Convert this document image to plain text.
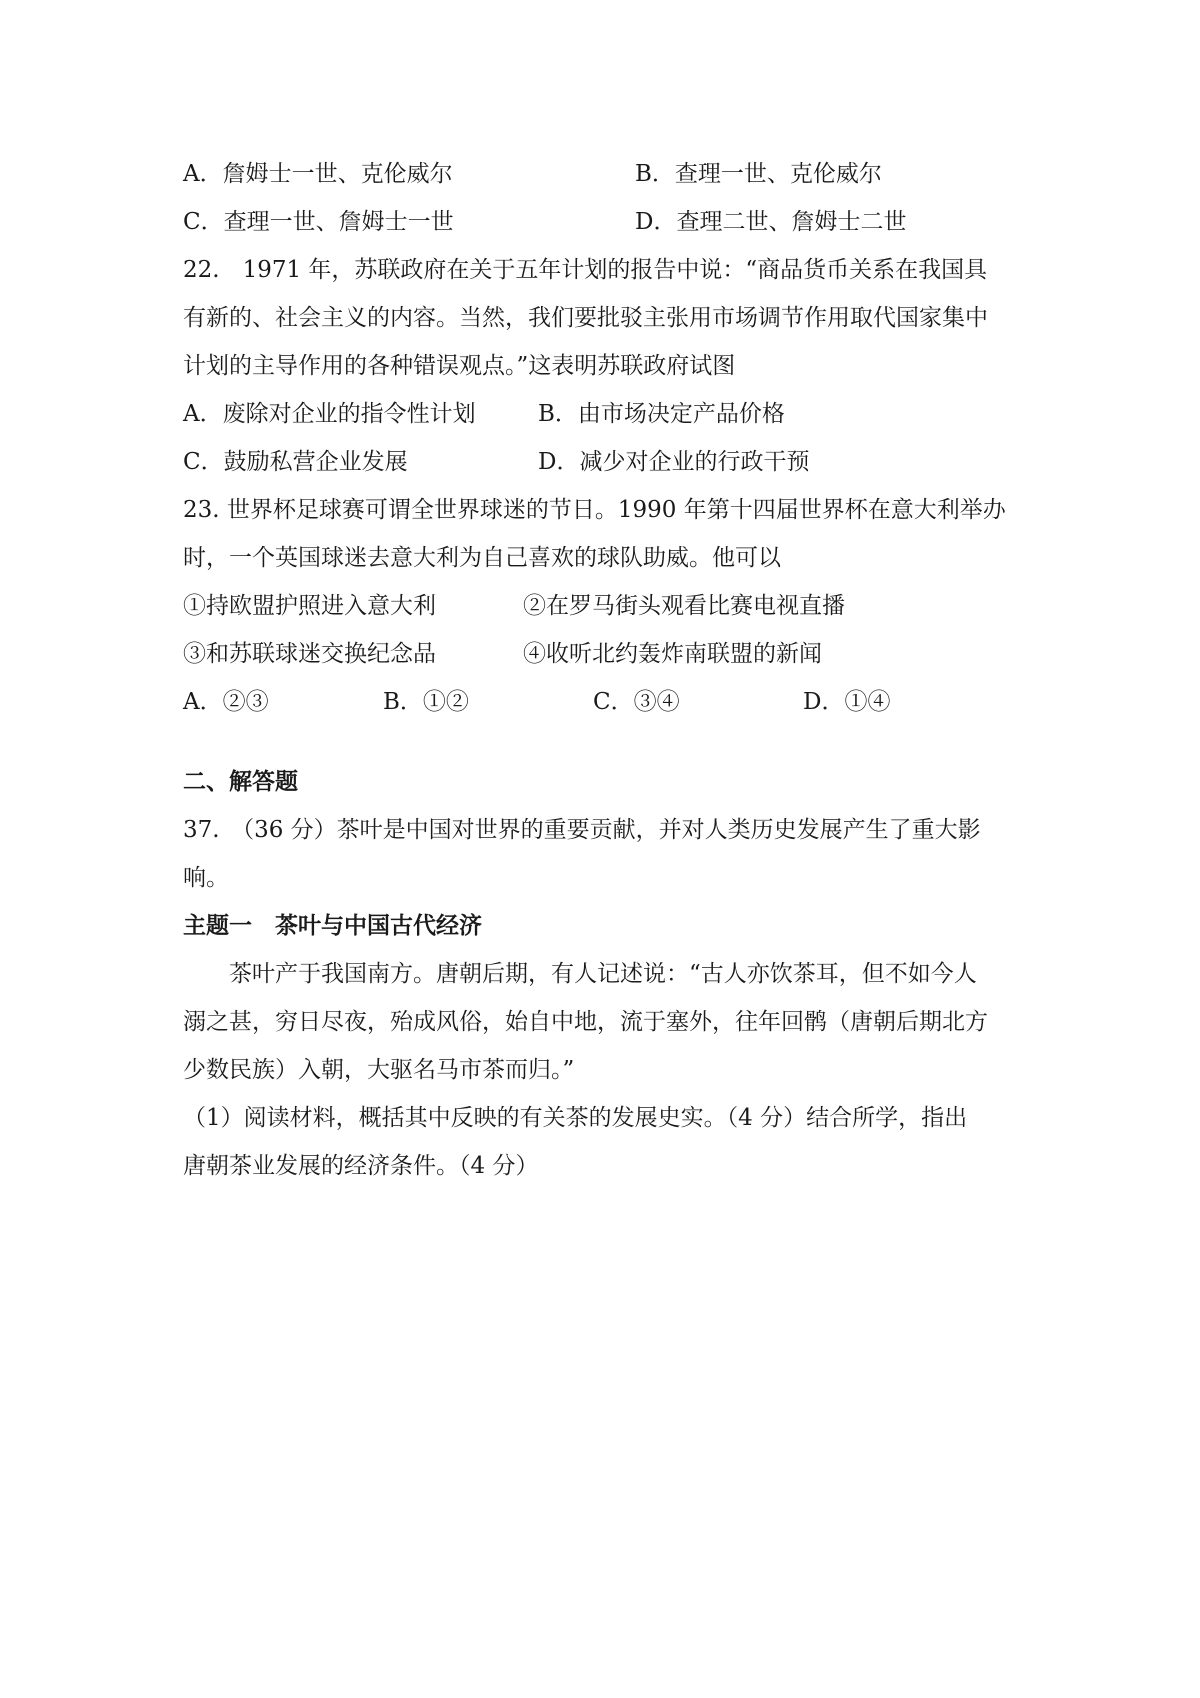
A．詹姆士一世、克伦威尔	B．查理一世、克伦威尔
C．查理一世、詹姆士一世	D．查理二世、詹姆士二世
22.　1971 年，苏联政府在关于五年计划的报告中说：“商品货币关系在我国具
有新的、社会主义的内容。当然，我们要批驳主张用市场调节作用取代国家集中
计划的主导作用的各种错误观点。”这表明苏联政府试图
A．废除对企业的指令性计划	B．由市场决定产品价格
C．鼓励私营企业发展	D．减少对企业的行政干预
23. 世界杯足球赛可谓全世界球迷的节日。1990 年第十四届世界杯在意大利举办
时，一个英国球迷去意大利为自己喜欢的球队助威。他可以
①持欧盟护照进入意大利	②在罗马街头观看比赛电视直播
③和苏联球迷交换纪念品	④收听北约轰炸南联盟的新闻
A．②③	B．①②	C．③④	D．①④
二、解答题
37.　（36 分）茶叶是中国对世界的重要贡献，并对人类历史发展产生了重大影
响。
主题一　茶叶与中国古代经济
茶叶产于我国南方。唐朝后期，有人记述说：“古人亦饮茶耳，但不如今人
溺之甚，穷日尽夜，殆成风俗，始自中地，流于塞外，往年回鹘（唐朝后期北方
少数民族）入朝，大驱名马市茶而归。”
（1）阅读材料，概括其中反映的有关茶的发展史实。（4 分）结合所学，指出
唐朝茶业发展的经济条件。（4 分）
